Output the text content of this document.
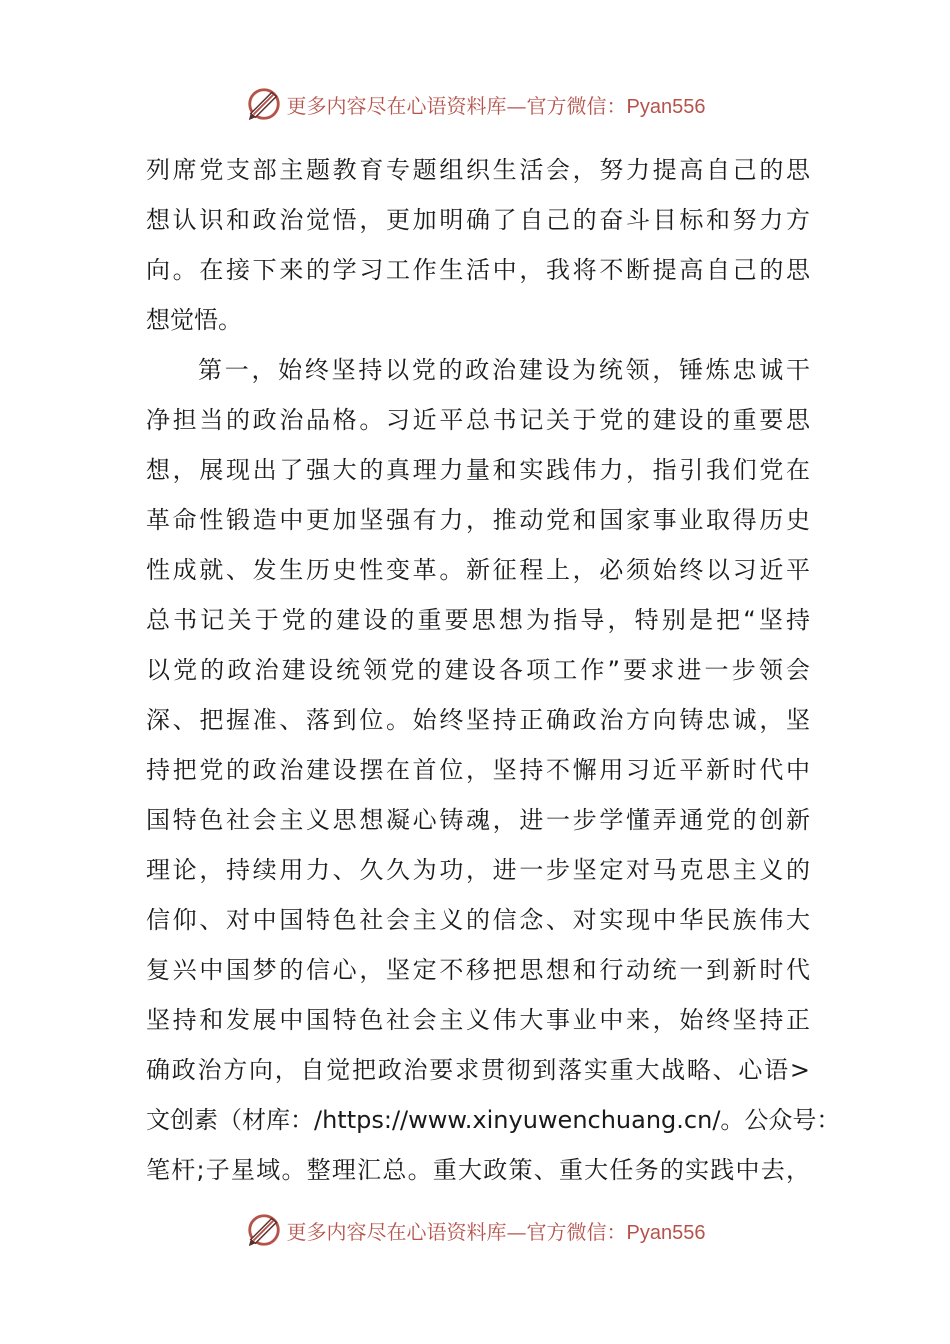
更多内容尽在心语资料库—官方微信：Pyan556
列席党支部主题教育专题组织生活会，努力提高自己的思
想认识和政治觉悟，更加明确了自己的奋斗目标和努力方
向。在接下来的学习工作生活中，我将不断提高自己的思
想觉悟。
第一，始终坚持以党的政治建设为统领，锤炼忠诚干
净担当的政治品格。习近平总书记关于党的建设的重要思
想，展现出了强大的真理力量和实践伟力，指引我们党在
革命性锻造中更加坚强有力，推动党和国家事业取得历史
性成就、发生历史性变革。新征程上，必须始终以习近平
总书记关于党的建设的重要思想为指导，特别是把“坚持
以党的政治建设统领党的建设各项工作”要求进一步领会
深、把握准、落到位。始终坚持正确政治方向铸忠诚，坚
持把党的政治建设摆在首位，坚持不懈用习近平新时代中
国特色社会主义思想凝心铸魂，进一步学懂弄通党的创新
理论，持续用力、久久为功，进一步坚定对马克思主义的
信仰、对中国特色社会主义的信念、对实现中华民族伟大
复兴中国梦的信心，坚定不移把思想和行动统一到新时代
坚持和发展中国特色社会主义伟大事业中来，始终坚持正
确政治方向，自觉把政治要求贯彻到落实重大战略、心语>
文创素（材库：/https://www.xinyuwenchuang.cn/。公众号：
笔杆;子星域。整理汇总。重大政策、重大任务的实践中去，
更多内容尽在心语资料库—官方微信：Pyan556
